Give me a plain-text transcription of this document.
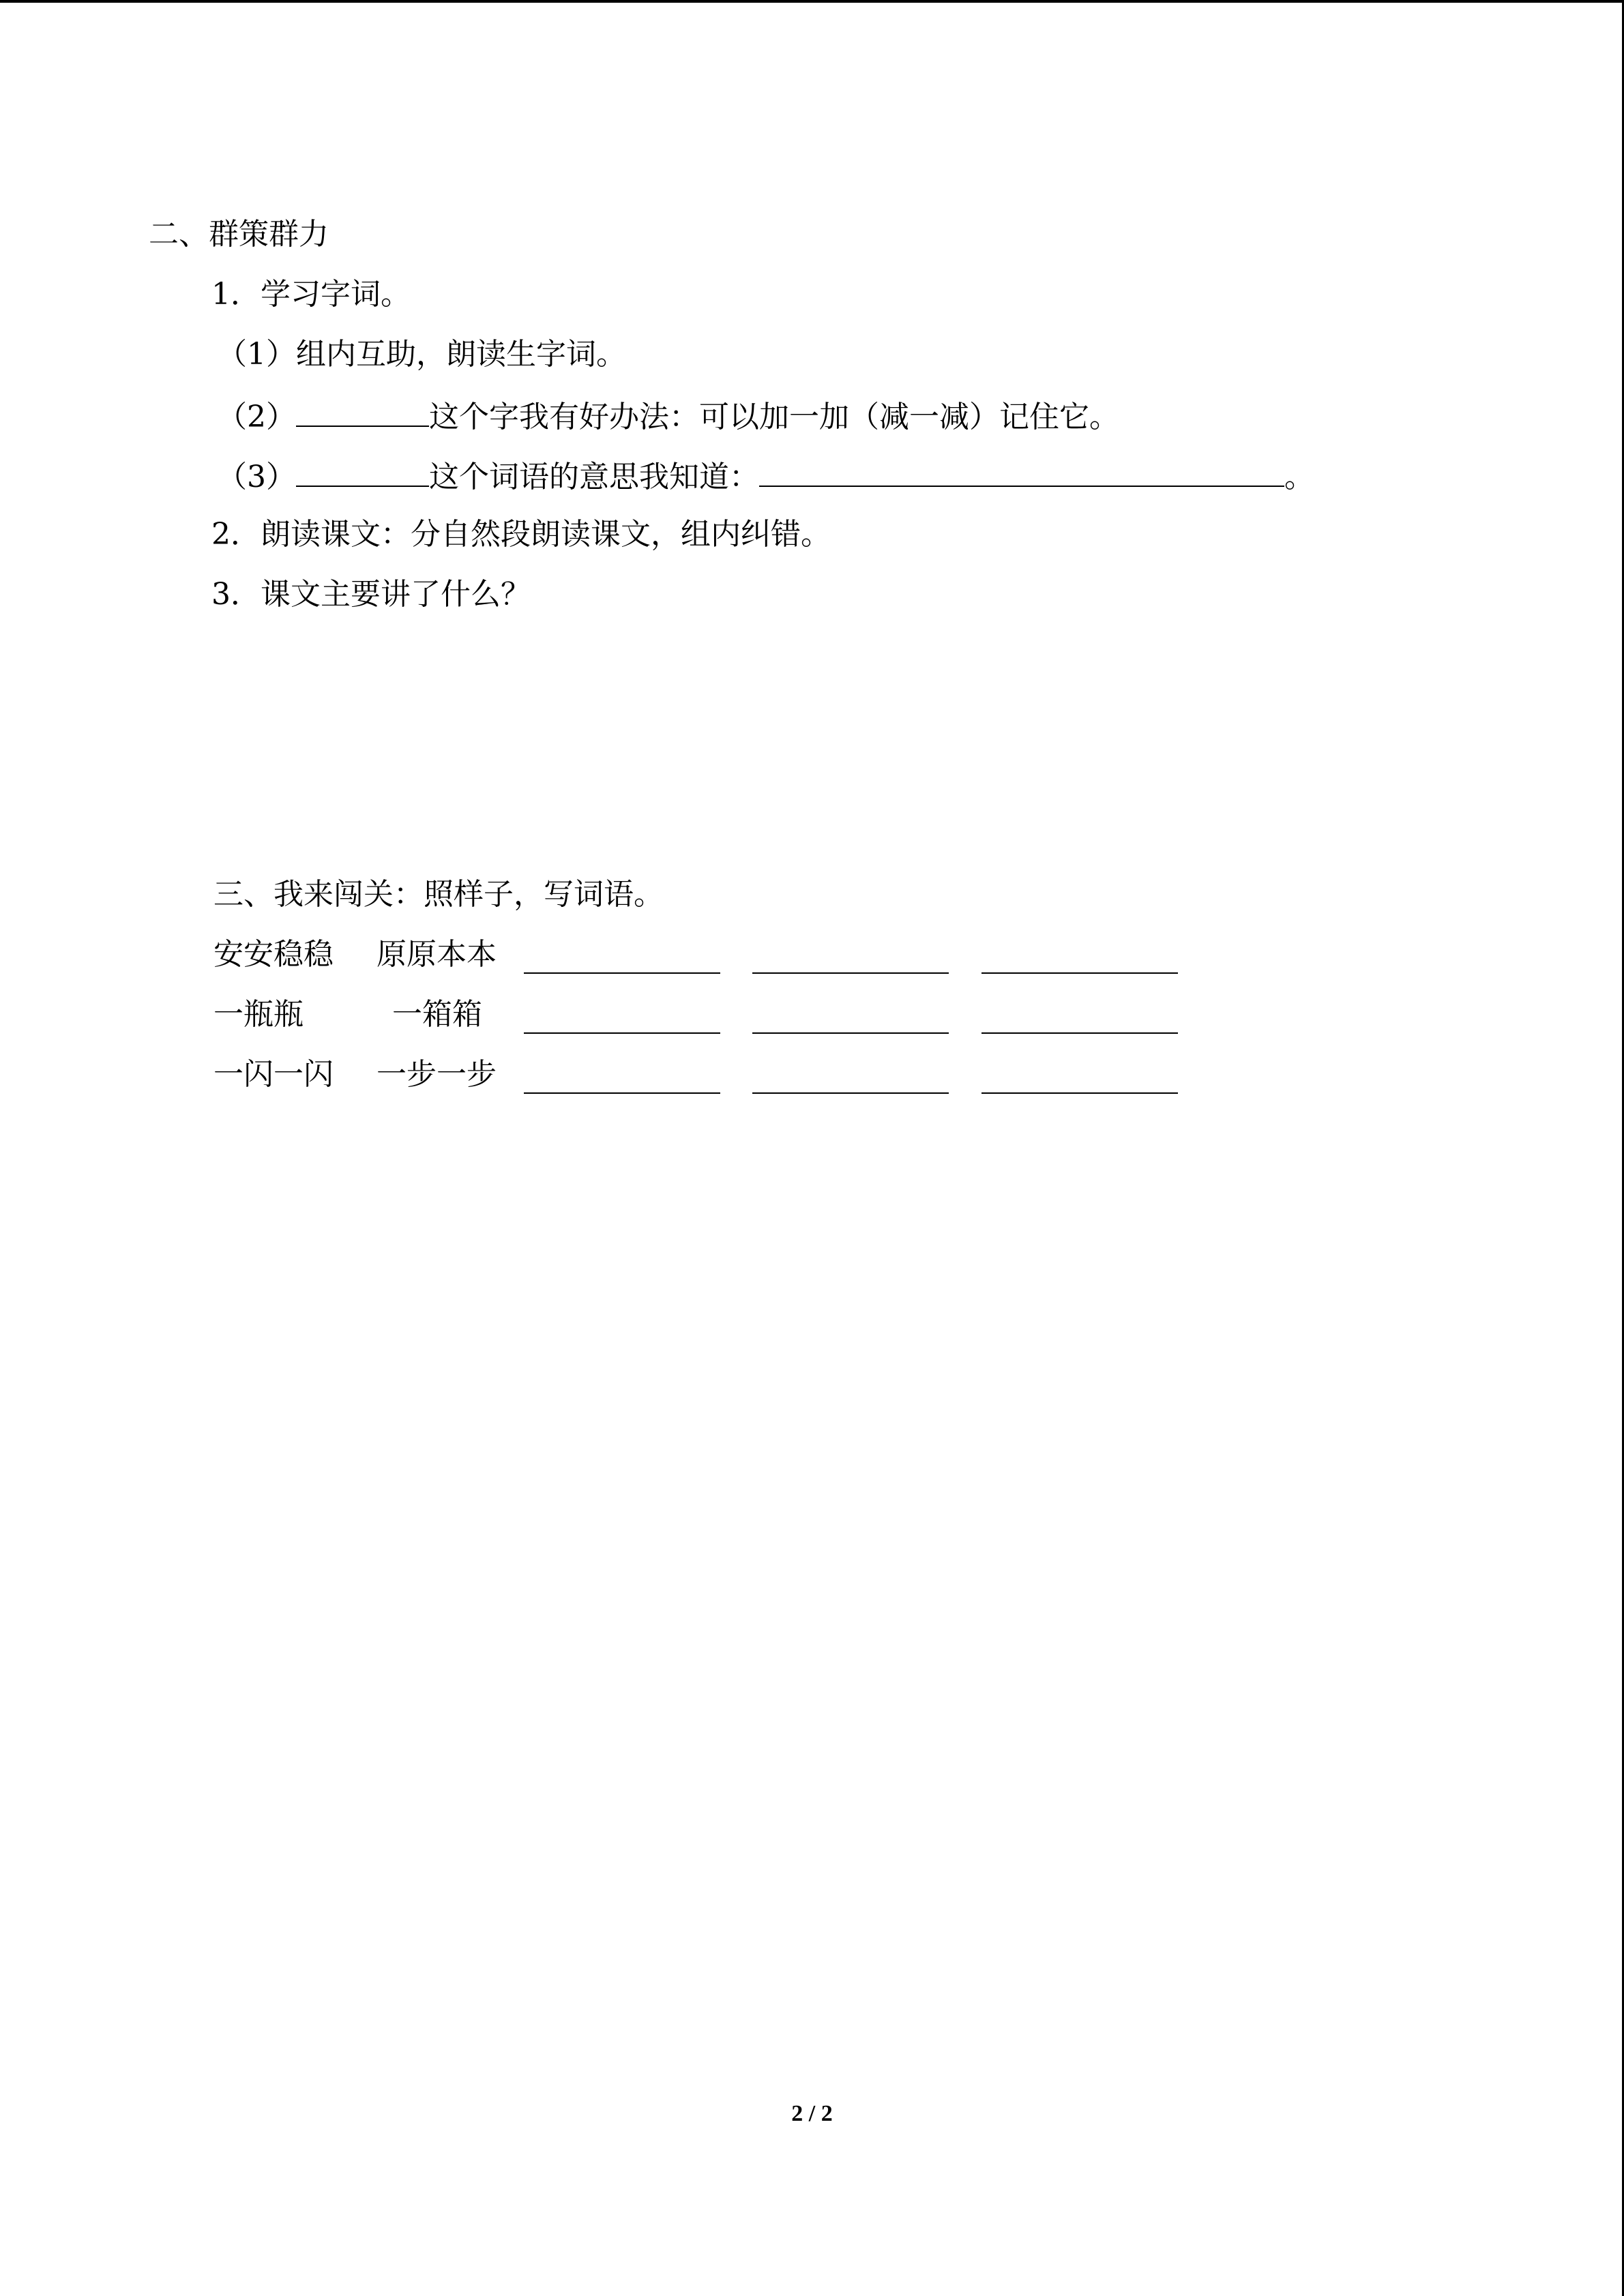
二、群策群力
1．学习字词。
（1）组内互助，朗读生字词。
（2）	这个字我有好办法：可以加一加（减一减）记住它。
（3）	这个词语的意思我知道：	。
2．朗读课文：分自然段朗读课文，组内纠错。
3．课文主要讲了什么？
三、我来闯关：照样子，写词语。
安安稳稳 原原本本
一瓶瓶	一箱箱
一闪一闪 一步一步
2 / 2
